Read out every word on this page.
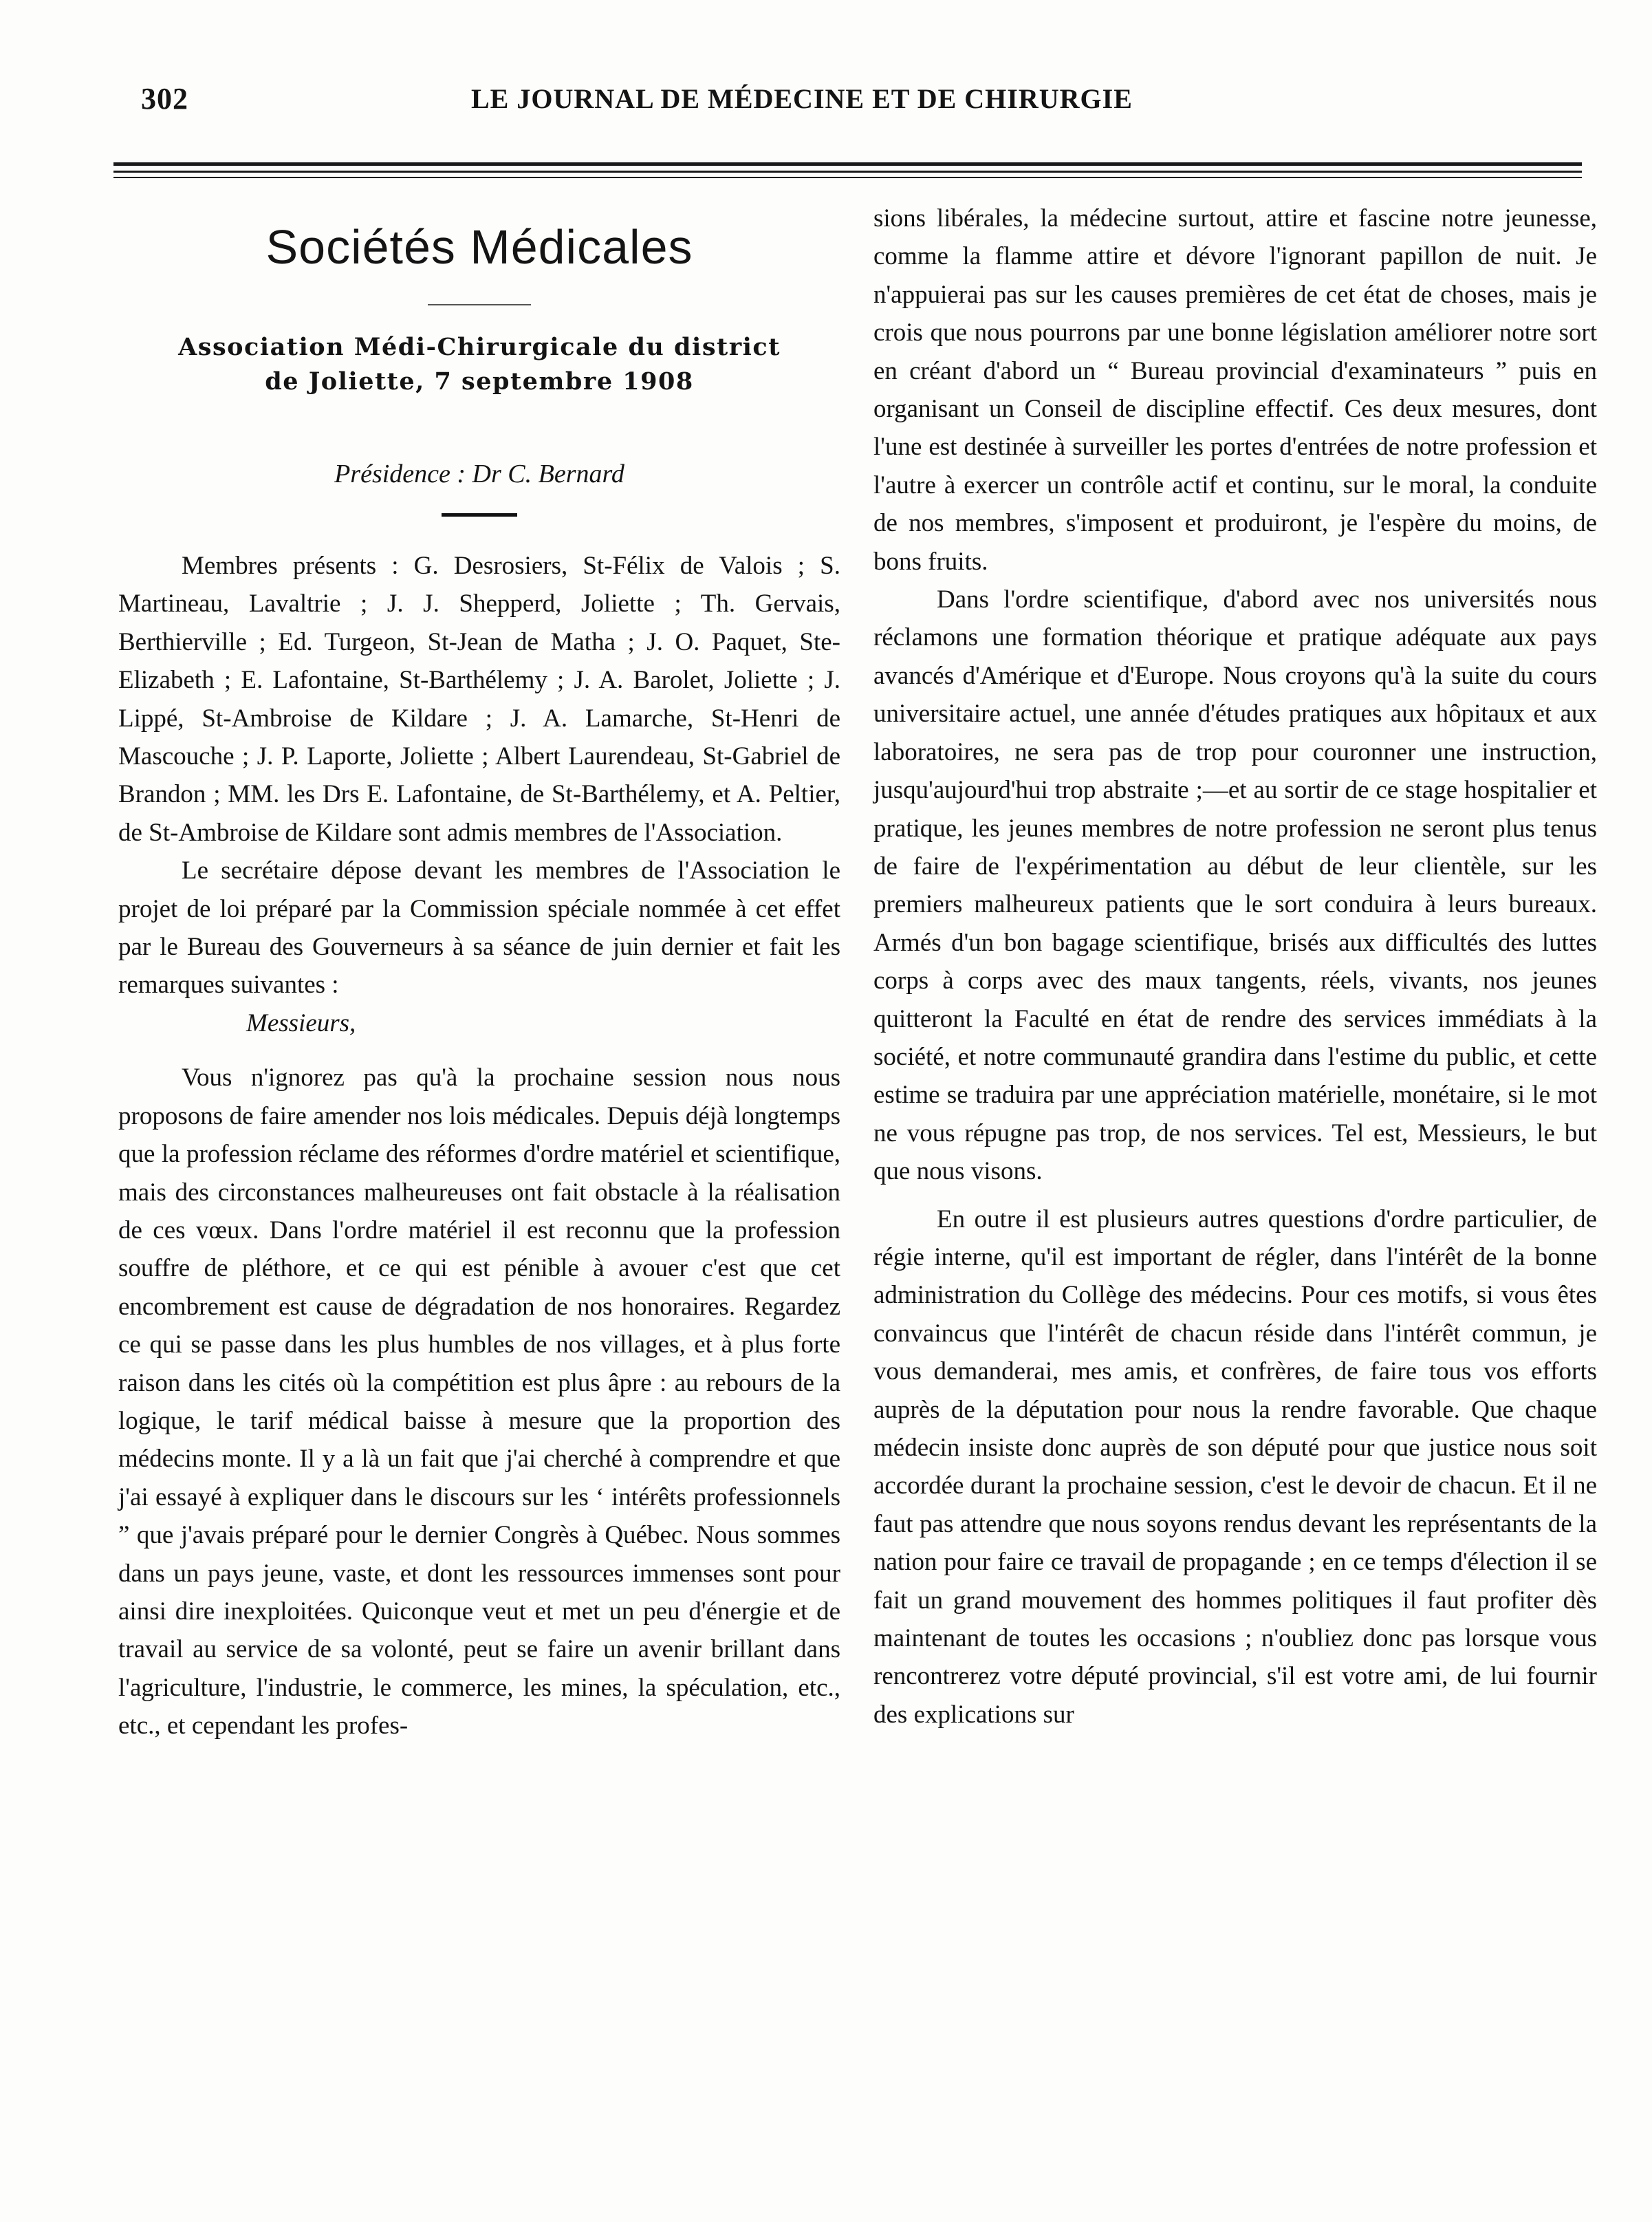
302	LE JOURNAL DE MÉDECINE ET DE CHIRURGIE
Sociétés Médicales
Association Médi-Chirurgicale du district
de Joliette, 7 septembre 1908
Présidence : Dr C. Bernard

Membres présents : G. Desrosiers, St-Félix de Valois ; S. Martineau, Lavaltrie ; J. J. Shepperd, Joliette ; Th. Gervais, Berthierville ; Ed. Turgeon, St-Jean de Matha ; J. O. Paquet, Ste-Elizabeth ; E. Lafontaine, St-Barthélemy ; J. A. Barolet, Joliette ; J. Lippé, St-Ambroise de Kildare ; J. A. Lamarche, St-Henri de Mascouche ; J. P. Laporte, Joliette ; Albert Laurendeau, St-Gabriel de Brandon ; MM. les Drs E. Lafontaine, de St-Barthélemy, et A. Peltier, de St-Ambroise de Kildare sont admis membres de l'Association.

Le secrétaire dépose devant les membres de l'Association le projet de loi préparé par la Commission spéciale nommée à cet effet par le Bureau des Gouverneurs à sa séance de juin dernier et fait les remarques suivantes :

Messieurs,

Vous n'ignorez pas qu'à la prochaine session nous nous proposons de faire amender nos lois médicales. Depuis déjà longtemps que la profession réclame des réformes d'ordre matériel et scientifique, mais des circonstances malheureuses ont fait obstacle à la réalisation de ces vœux. Dans l'ordre matériel il est reconnu que la profession souffre de pléthore, et ce qui est pénible à avouer c'est que cet encombrement est cause de dégradation de nos honoraires. Regardez ce qui se passe dans les plus humbles de nos villages, et à plus forte raison dans les cités où la compétition est plus âpre : au rebours de la logique, le tarif médical baisse à mesure que la proportion des médecins monte. Il y a là un fait que j'ai cherché à comprendre et que j'ai essayé à expliquer dans le discours sur les ‘ intérêts professionnels ” que j'avais préparé pour le dernier Congrès à Québec. Nous sommes dans un pays jeune, vaste, et dont les ressources immenses sont pour ainsi dire inexploitées. Quiconque veut et met un peu d'énergie et de travail au service de sa volonté, peut se faire un avenir brillant dans l'agriculture, l'industrie, le commerce, les mines, la spéculation, etc., etc., et cependant les profes-

sions libérales, la médecine surtout, attire et fascine notre jeunesse, comme la flamme attire et dévore l'ignorant papillon de nuit. Je n'appuierai pas sur les causes premières de cet état de choses, mais je crois que nous pourrons par une bonne législation améliorer notre sort en créant d'abord un “ Bureau provincial d'examinateurs ” puis en organisant un Conseil de discipline effectif. Ces deux mesures, dont l'une est destinée à surveiller les portes d'entrées de notre profession et l'autre à exercer un contrôle actif et continu, sur le moral, la conduite de nos membres, s'imposent et produiront, je l'espère du moins, de bons fruits.

Dans l'ordre scientifique, d'abord avec nos universités nous réclamons une formation théorique et pratique adéquate aux pays avancés d'Amérique et d'Europe. Nous croyons qu'à la suite du cours universitaire actuel, une année d'études pratiques aux hôpitaux et aux laboratoires, ne sera pas de trop pour couronner une instruction, jusqu'aujourd'hui trop abstraite ;—et au sortir de ce stage hospitalier et pratique, les jeunes membres de notre profession ne seront plus tenus de faire de l'expérimentation au début de leur clientèle, sur les premiers malheureux patients que le sort conduira à leurs bureaux. Armés d'un bon bagage scientifique, brisés aux difficultés des luttes corps à corps avec des maux tangents, réels, vivants, nos jeunes quitteront la Faculté en état de rendre des services immédiats à la société, et notre communauté grandira dans l'estime du public, et cette estime se traduira par une appréciation matérielle, monétaire, si le mot ne vous répugne pas trop, de nos services. Tel est, Messieurs, le but que nous visons.

En outre il est plusieurs autres questions d'ordre particulier, de régie interne, qu'il est important de régler, dans l'intérêt de la bonne administration du Collège des médecins. Pour ces motifs, si vous êtes convaincus que l'intérêt de chacun réside dans l'intérêt commun, je vous demanderai, mes amis, et confrères, de faire tous vos efforts auprès de la députation pour nous la rendre favorable. Que chaque médecin insiste donc auprès de son député pour que justice nous soit accordée durant la prochaine session, c'est le devoir de chacun. Et il ne faut pas attendre que nous soyons rendus devant les représentants de la nation pour faire ce travail de propagande ; en ce temps d'élection il se fait un grand mouvement des hommes politiques il faut profiter dès maintenant de toutes les occasions ; n'oubliez donc pas lorsque vous rencontrerez votre député provincial, s'il est votre ami, de lui fournir des explications sur
